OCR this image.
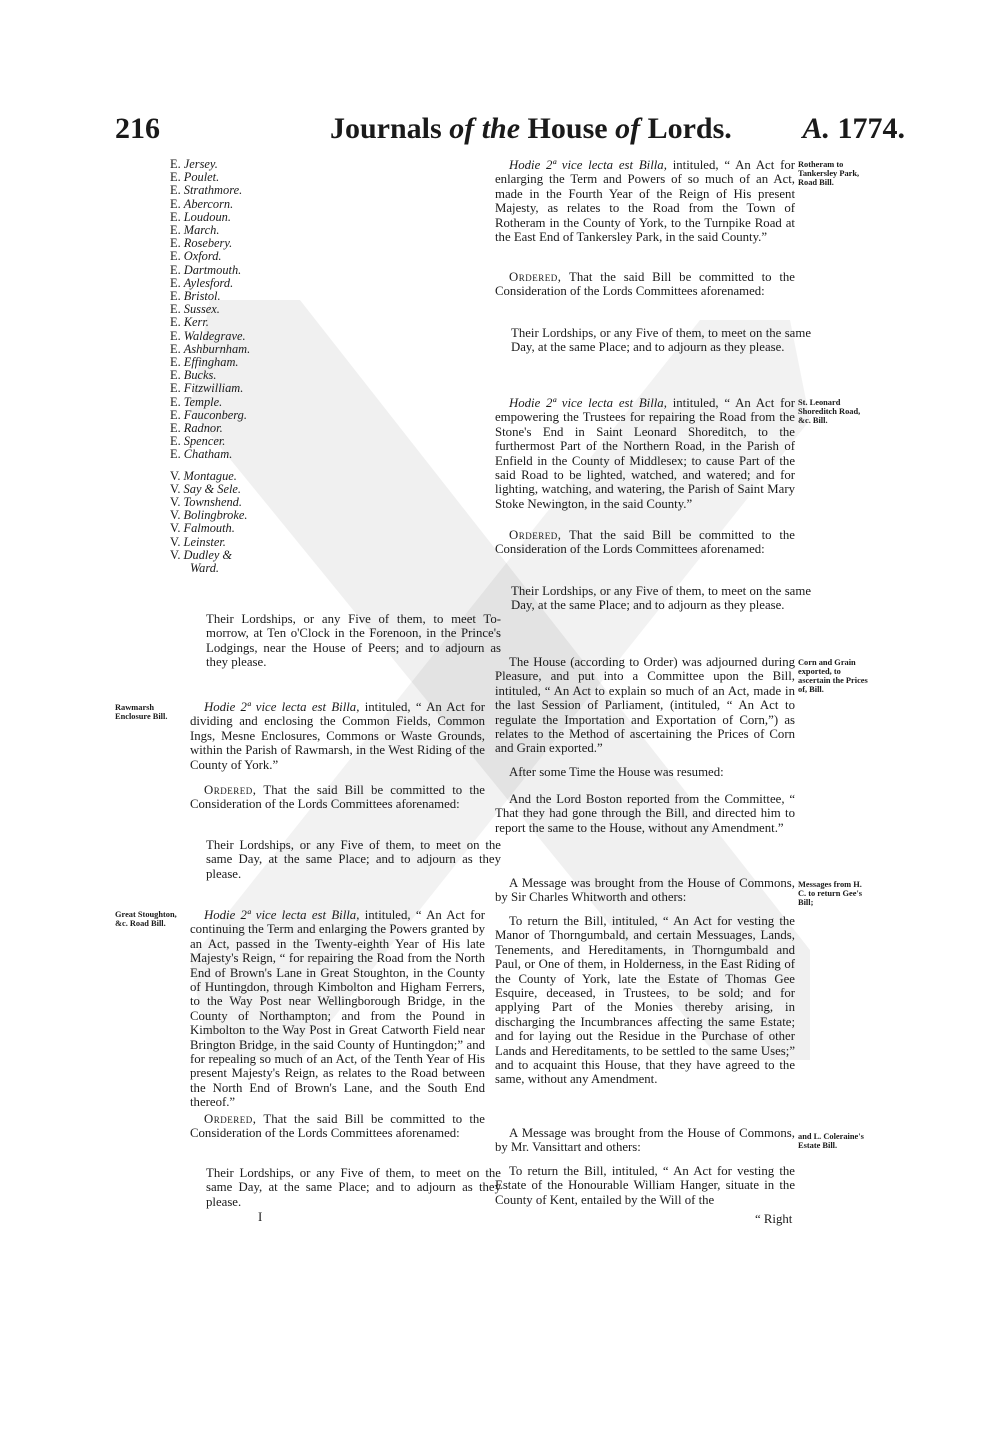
216	Journals of the House of Lords. A. 1774.
E. Jersey.
E. Poulet.
E. Strathmore.
E. Abercorn.
E. Loudoun.
E. March.
E. Rosebery.
E. Oxford.
E. Dartmouth.
E. Aylesford.
E. Bristol.
E. Sussex.
E. Kerr.
E. Waldegrave.
E. Ashburnham.
E. Effingham.
E. Bucks.
E. Fitzwilliam.
E. Temple.
E. Fauconberg.
E. Radnor.
E. Spencer.
E. Chatham.
V. Montague.
V. Say & Sele.
V. Townshend.
V. Bolingbroke.
V. Falmouth.
V. Leinster.
V. Dudley &
Ward.
Their Lordships, or any Five of them, to meet To-morrow, at Ten o'Clock in the Forenoon, in the Prince's Lodgings, near the House of Peers; and to adjourn as they please.
Rawmarsh Enclosure Bill.

Hodie 2ª vice lecta est Billa, intituled, “ An Act for dividing and enclosing the Common Fields, Common Ings, Mesne Enclosures, Commons or Waste Grounds, within the Parish of Rawmarsh, in the West Riding of the County of York.”

Ordered, That the said Bill be committed to the Consideration of the Lords Committees aforenamed:

Their Lordships, or any Five of them, to meet on the same Day, at the same Place; and to adjourn as they please.
Great Stoughton, &c. Road Bill.

Hodie 2ª vice lecta est Billa, intituled, “ An Act for continuing the Term and enlarging the Powers granted by an Act, passed in the Twenty-eighth Year of His late Majesty's Reign, “ for repairing the Road from the North End of Brown's Lane in Great Stoughton, in the County of Huntingdon, through Kimbolton and Higham Ferrers, to the Way Post near Wellingborough Bridge, in the County of Northampton; and from the Pound in Kimbolton to the Way Post in Great Catworth Field near Brington Bridge, in the said County of Huntingdon;” and for repealing so much of an Act, of the Tenth Year of His present Majesty's Reign, as relates to the Road between the North End of Brown's Lane, and the South End thereof.”

Ordered, That the said Bill be committed to the Consideration of the Lords Committees aforenamed:

Their Lordships, or any Five of them, to meet on the same Day, at the same Place; and to adjourn as they please.
I
Rotheram to Tankersley Park, Road Bill.

Hodie 2ª vice lecta est Billa, intituled, “ An Act for enlarging the Term and Powers of so much of an Act, made in the Fourth Year of the Reign of His present Majesty, as relates to the Road from the Town of Rotheram in the County of York, to the Turnpike Road at the East End of Tankersley Park, in the said County.”

Ordered, That the said Bill be committed to the Consideration of the Lords Committees aforenamed:

Their Lordships, or any Five of them, to meet on the same Day, at the same Place; and to adjourn as they please.
St. Leonard Shoreditch Road, &c. Bill.

Hodie 2ª vice lecta est Billa, intituled, “ An Act for empowering the Trustees for repairing the Road from the Stone's End in Saint Leonard Shoreditch, to the furthermost Part of the Northern Road, in the Parish of Enfield in the County of Middlesex; to cause Part of the said Road to be lighted, watched, and watered; and for lighting, watching, and watering, the Parish of Saint Mary Stoke Newington, in the said County.”

Ordered, That the said Bill be committed to the Consideration of the Lords Committees aforenamed:

Their Lordships, or any Five of them, to meet on the same Day, at the same Place; and to adjourn as they please.
Corn and Grain exported, to ascertain the Prices of, Bill.

The House (according to Order) was adjourned during Pleasure, and put into a Committee upon the Bill, intituled, “ An Act to explain so much of an Act, made in the last Session of Parliament, (intituled, “ An Act to regulate the Importation and Exportation of Corn,”) as relates to the Method of ascertaining the Prices of Corn and Grain exported.”

After some Time the House was resumed:

And the Lord Boston reported from the Committee, “ That they had gone through the Bill, and directed him to report the same to the House, without any Amendment.”

Messages from H. C. to return Gee's Bill;

A Message was brought from the House of Commons, by Sir Charles Whitworth and others:

To return the Bill, intituled, “ An Act for vesting the Manor of Thorngumbald, and certain Messuages, Lands, Tenements, and Hereditaments, in Thorngumbald and Paul, or One of them, in Holderness, in the East Riding of the County of York, late the Estate of Thomas Gee Esquire, deceased, in Trustees, to be sold; and for applying Part of the Monies thereby arising, in discharging the Incumbrances affecting the same Estate; and for laying out the Residue in the Purchase of other Lands and Hereditaments, to be settled to the same Uses;” and to acquaint this House, that they have agreed to the same, without any Amendment.

and L. Coleraine's Estate Bill.

A Message was brought from the House of Commons, by Mr. Vansittart and others:

To return the Bill, intituled, “ An Act for vesting the Estate of the Honourable William Hanger, situate in the County of Kent, entailed by the Will of the

“ Right
